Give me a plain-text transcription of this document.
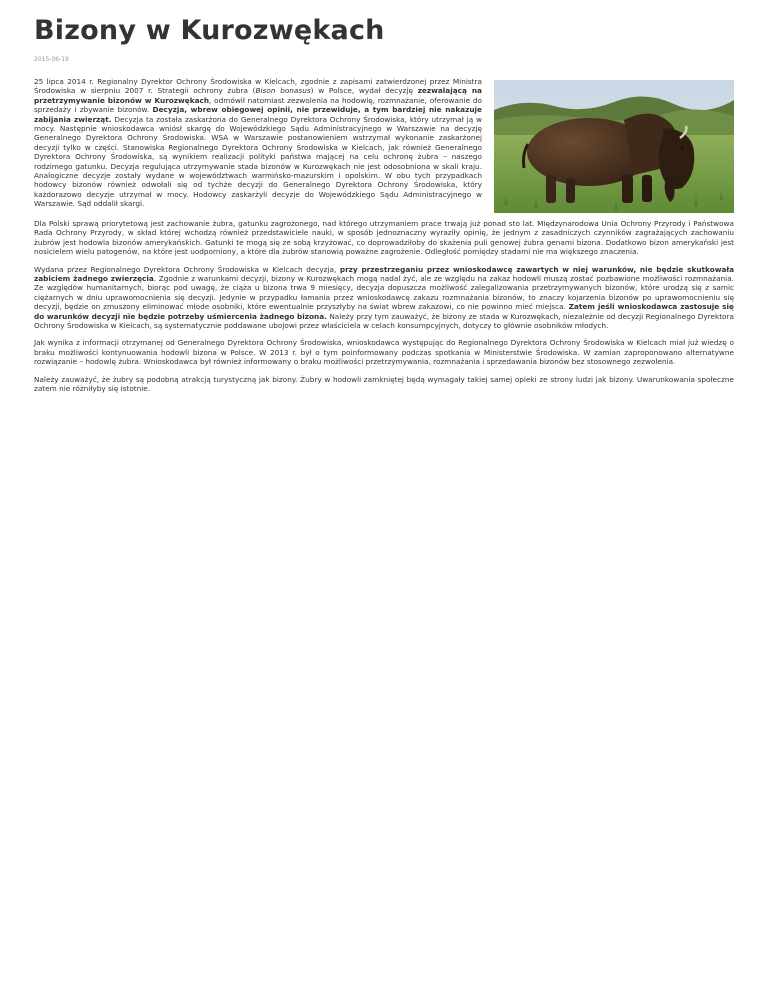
Bizony w Kurozwękach
2015-06-19

25 lipca 2014 r. Regionalny Dyrektor Ochrony Środowiska w Kielcach, zgodnie z zapisami zatwierdzonej przez Ministra Środowiska w sierpniu 2007 r. Strategii ochrony żubra (Bison bonasus) w Polsce, wydał decyzję zezwalającą na przetrzymywanie bizonów w Kurozwękach, odmówił natomiast zezwolenia na hodowlę, rozmnażanie, oferowanie do sprzedaży i zbywanie bizonów. Decyzja, wbrew obiegowej opinii, nie przewiduje, a tym bardziej nie nakazuje zabijania zwierząt. Decyzja ta została zaskarżona do Generalnego Dyrektora Ochrony Środowiska, który utrzymał ją w mocy. Następnie wnioskodawca wniósł skargę do Wojewódzkiego Sądu Administracyjnego w Warszawie na decyzję Generalnego Dyrektora Ochrony Środowiska. WSA w Warszawie postanowieniem wstrzymał wykonanie zaskarżonej decyzji tylko w części. Stanowiska Regionalnego Dyrektora Ochrony Środowiska w Kielcach, jak również Generalnego Dyrektora Ochrony Środowiska, są wynikiem realizacji polityki państwa mającej na celu ochronę żubra – naszego rodzimego gatunku. Decyzja regulująca utrzymywanie stada bizonów w Kurozwękach nie jest odosobniona w skali kraju. Analogiczne decyzje zostały wydane w województwach warmińsko-mazurskim i opolskim. W obu tych przypadkach hodowcy bizonów również odwołali się od tychże decyzji do Generalnego Dyrektora Ochrony Środowiska, który każdorazowo decyzje utrzymał w mocy. Hodowcy zaskarżyli decyzje do Wojewódzkiego Sądu Administracyjnego w Warszawie. Sąd oddalił skargi.

Dla Polski sprawą priorytetową jest zachowanie żubra, gatunku zagrożonego, nad którego utrzymaniem prace trwają już ponad sto lat. Międzynarodowa Unia Ochrony Przyrody i Państwowa Rada Ochrony Przyrody, w skład której wchodzą również przedstawiciele nauki, w sposób jednoznaczny wyraziły opinię, że jednym z zasadniczych czynników zagrażających zachowaniu żubrów jest hodowla bizonów amerykańskich. Gatunki te mogą się ze sobą krzyżować, co doprowadziłoby do skażenia puli genowej żubra genami bizona. Dodatkowo bizon amerykański jest nosicielem wielu patogenów, na które jest uodporniony, a które dla żubrów stanowią poważne zagrożenie. Odległość pomiędzy stadami nie ma większego znaczenia.

Wydana przez Regionalnego Dyrektora Ochrony Środowiska w Kielcach decyzja, przy przestrzeganiu przez wnioskodawcę zawartych w niej warunków, nie będzie skutkowała zabiciem żadnego zwierzęcia. Zgodnie z warunkami decyzji, bizony w Kurozwękach mogą nadal żyć, ale ze względu na zakaz hodowli muszą zostać pozbawione możliwości rozmnażania. Ze względów humanitarnych, biorąc pod uwagę, że ciąża u bizona trwa 9 miesięcy, decyzja dopuszcza możliwość zalegalizowania przetrzymywanych bizonów, które urodzą się z samic ciężarnych w dniu uprawomocnienia się decyzji. Jedynie w przypadku łamania przez wnioskodawcę zakazu rozmnażania bizonów, to znaczy kojarzenia bizonów po uprawomocnieniu się decyzji, będzie on zmuszony eliminować młode osobniki, które ewentualnie przyszłyby na świat wbrew zakazowi, co nie powinno mieć miejsca. Zatem jeśli wnioskodawca zastosuje się do warunków decyzji nie będzie potrzeby uśmiercenia żadnego bizona. Należy przy tym zauważyć, że bizony ze stada w Kurozwękach, niezależnie od decyzji Regionalnego Dyrektora Ochrony Środowiska w Kielcach, są systematycznie poddawane ubojowi przez właściciela w celach konsumpcyjnych, dotyczy to głównie osobników młodych.

Jak wynika z informacji otrzymanej od Generalnego Dyrektora Ochrony Środowiska, wnioskodawca występując do Regionalnego Dyrektora Ochrony Środowiska w Kielcach miał już wiedzę o braku możliwości kontynuowania hodowli bizona w Polsce. W 2013 r. był o tym poinformowany podczas spotkania w Ministerstwie Środowiska. W zamian zaproponowano alternatywne rozwiązanie – hodowlę żubra. Wnioskodawca był również informowany o braku możliwości przetrzymywania, rozmnażania i sprzedawania bizonów bez stosownego zezwolenia.

Należy zauważyć, że żubry są podobną atrakcją turystyczną jak bizony. Żubry w hodowli zamkniętej będą wymagały takiej samej opieki ze strony ludzi jak bizony. Uwarunkowania społeczne zatem nie różniłyby się istotnie.
